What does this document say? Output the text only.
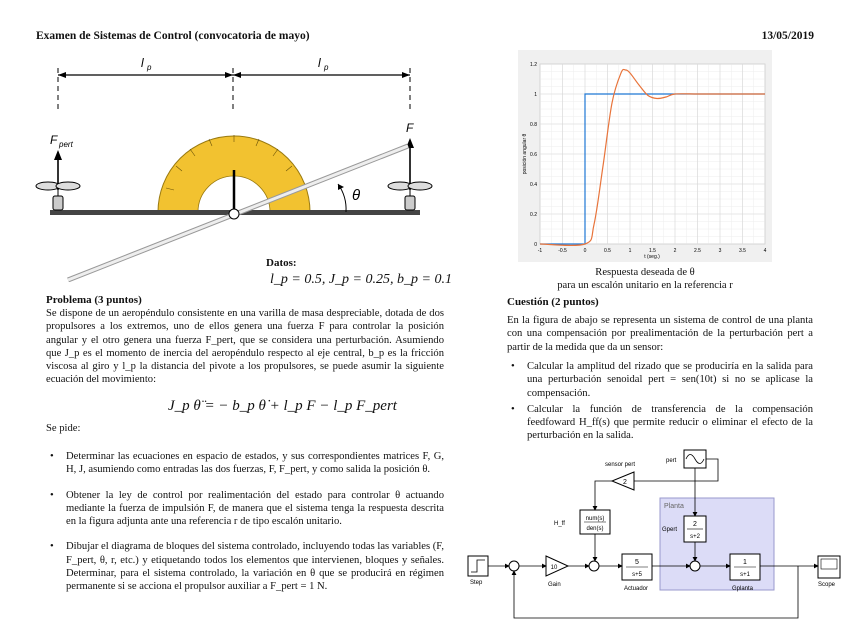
Examen de Sistemas de Control (convocatoria de mayo)	13/05/2019
l p	l p
F pert
F
θ
Datos:
l_p = 0.5, J_p = 0.25, b_p = 0.1
Problema (3 puntos)
Se dispone de un aeropéndulo consistente en una varilla de masa despreciable, dotada de dos propulsores a los extremos, uno de ellos genera una fuerza F para controlar la posición angular y el otro genera una fuerza F_pert, que se considera una perturbación. Asumiendo que J_p es el momento de inercia del aeropéndulo respecto al eje central, b_p es la fricción viscosa al giro y l_p la distancia del pivote a los propulsores, se puede asumir la siguiente ecuación del movimiento:
J_p θ̈ = − b_p θ̇ + l_p F − l_p F_pert
Se pide:
• Determinar las ecuaciones en espacio de estados, y sus correspondientes matrices F, G, H, J, asumiendo como entradas las dos fuerzas, F, F_pert, y como salida la posición θ.
• Obtener la ley de control por realimentación del estado para controlar θ actuando mediante la fuerza de impulsión F, de manera que el sistema tenga la respuesta descrita en la figura adjunta ante una referencia r de tipo escalón unitario.
• Dibujar el diagrama de bloques del sistema controlado, incluyendo todas las variables (F, F_pert, θ, r, etc.) y etiquetando todos los elementos que intervienen, bloques y señales. Determinar, para el sistema controlado, la variación en θ que se producirá en régimen permanente si se acciona el propulsor auxiliar a F_pert = 1 N.
-1	-0.5	0	0.5	1	1.5	2	2.5	3	3.5	4
0
0.2
0.4
0.6
0.8
1
1.2
t (seg.)
posición angular θ
Respuesta deseada de θ
para un escalón unitario en la referencia r
Cuestión (2 puntos)
En la figura de abajo se representa un sistema de control de una planta con una compensación por prealimentación de la perturbación pert a partir de la medida que da un sensor:
• Calcular la amplitud del rizado que se produciría en la salida para una perturbación senoidal pert = sen(10t) si no se aplicase la compensación.
• Calcular la función de transferencia de la compensación feedfoward H_ff(s) que permite reducir o eliminar el efecto de la perturbación en la salida.
Planta
pert
2
sensor pert
num(s)
den(s)
H_ff	2
s+2
Gpert
Step
10
Gain
5
s+5
Actuador
1
s+1
Gplanta
Scope
